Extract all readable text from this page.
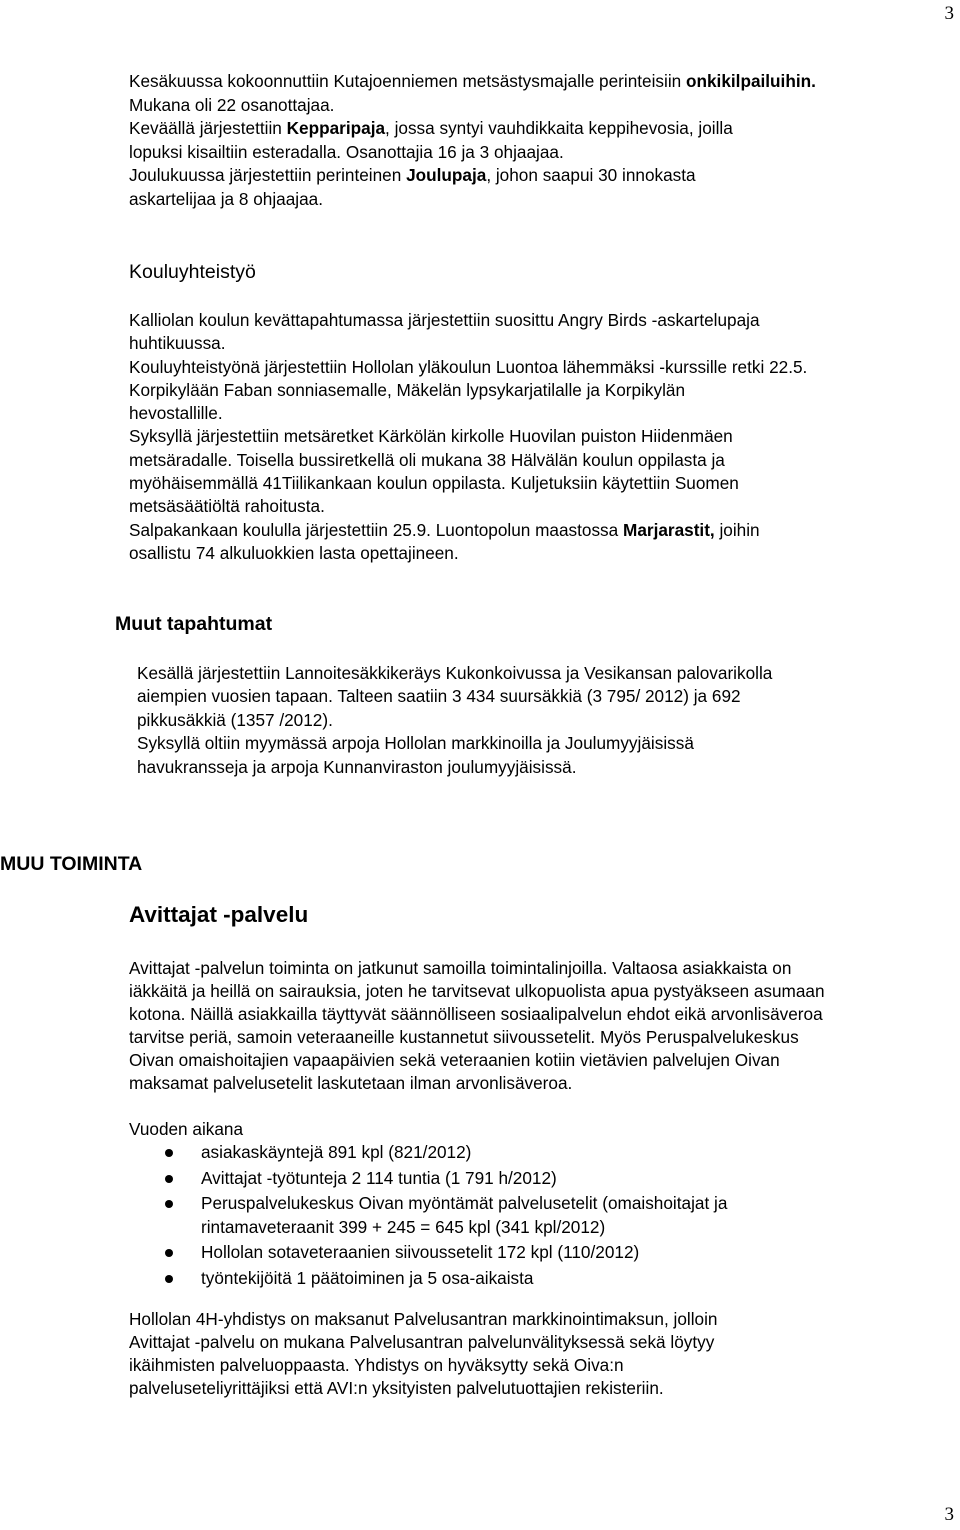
3
Kesäkuussa kokoonnuttiin Kutajoenniemen metsästysmajalle perinteisiin onkikilpailuihin.
Mukana oli 22 osanottajaa.
Keväällä järjestettiin Kepparipaja, jossa syntyi vauhdikkaita keppihevosia, joilla
lopuksi kisailtiin esteradalla. Osanottajia 16 ja 3 ohjaajaa.
Joulukuussa järjestettiin perinteinen Joulupaja, johon saapui 30 innokasta
askartelijaa ja 8 ohjaajaa.
Kouluyhteistyö
Kalliolan koulun kevättapahtumassa järjestettiin suosittu Angry Birds -askartelupaja
huhtikuussa.
Kouluyhteistyönä järjestettiin Hollolan yläkoulun Luontoa lähemmäksi -kurssille retki 22.5.
Korpikylään Faban sonniasemalle, Mäkelän lypsykarjatilalle ja Korpikylän
hevostallille.
Syksyllä järjestettiin metsäretket Kärkölän kirkolle Huovilan puiston Hiidenmäen
metsäradalle. Toisella bussiretkellä oli mukana 38 Hälvälän koulun oppilasta ja
myöhäisemmällä 41Tiilikankaan koulun oppilasta. Kuljetuksiin käytettiin Suomen
metsäsäätiöltä rahoitusta.
Salpakankaan koululla järjestettiin 25.9. Luontopolun maastossa Marjarastit, joihin
osallistu 74 alkuluokkien lasta opettajineen.
Muut tapahtumat
Kesällä järjestettiin Lannoitesäkkikeräys Kukonkoivussa ja Vesikansan palovarikolla
aiempien vuosien tapaan. Talteen saatiin 3 434 suursäkkiä (3 795/ 2012) ja 692
pikkusäkkiä (1357 /2012).
Syksyllä oltiin myymässä arpoja Hollolan markkinoilla ja Joulumyyjäisissä
havukransseja ja arpoja Kunnanviraston joulumyyjäisissä.
MUU TOIMINTA
Avittajat -palvelu
Avittajat -palvelun toiminta on jatkunut samoilla toimintalinjoilla. Valtaosa asiakkaista on
iäkkäitä ja heillä on sairauksia, joten he tarvitsevat ulkopuolista apua pystyäkseen asumaan
kotona. Näillä asiakkailla täyttyvät säännölliseen sosiaalipalvelun ehdot eikä arvonlisäveroa
tarvitse periä, samoin veteraaneille kustannetut siivoussetelit. Myös Peruspalvelukeskus
Oivan omaishoitajien vapaapäivien sekä veteraanien kotiin vietävien palvelujen Oivan
maksamat palvelusetelit laskutetaan ilman arvonlisäveroa.
Vuoden aikana
asiakaskäyntejä 891 kpl (821/2012)
Avittajat -työtunteja 2 114 tuntia (1 791 h/2012)
Peruspalvelukeskus Oivan myöntämät palvelusetelit (omaishoitajat ja
rintamaveteraanit 399 + 245 = 645 kpl (341 kpl/2012)
Hollolan sotaveteraanien siivoussetelit 172 kpl (110/2012)
työntekijöitä 1 päätoiminen ja 5 osa-aikaista
Hollolan 4H-yhdistys on maksanut Palvelusantran markkinointimaksun, jolloin
Avittajat -palvelu on mukana Palvelusantran palvelunvälityksessä sekä löytyy
ikäihmisten palveluoppaasta. Yhdistys on hyväksytty sekä Oiva:n
palveluseteliyrittäjiksi että AVI:n yksityisten palvelutuottajien rekisteriin.
3
